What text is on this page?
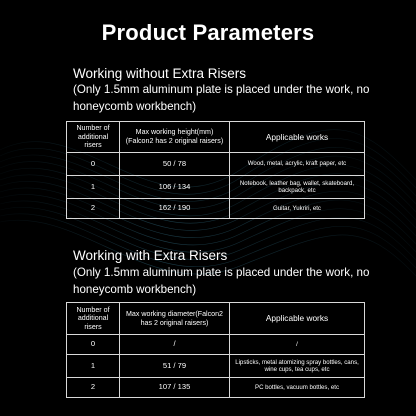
Product Parameters
Working without Extra Risers
(Only 1.5mm aluminum plate is placed under the work, no honeycomb workbench)
Number of additional risers	Max working height(mm)(Falcon2 has 2 original raisers)	Applicable works
0	50 / 78	Wood, metal, acrylic, kraft paper, etc
1	106 / 134	Notebook, leather bag, wallet, skateboard, backpack, etc
2	162 / 190	Guitar, Yukriri, etc
Working with Extra Risers
(Only 1.5mm aluminum plate is placed under the work, no honeycomb workbench)
Number of additional risers	Max working diameter(Falcon2 has 2 original raisers)	Applicable works
0	/	/
1	51 / 79	Lipsticks, metal atomizing spray bottles, cans, wine cups, tea cups, etc
2	107 / 135	PC bottles, vacuum bottles, etc
